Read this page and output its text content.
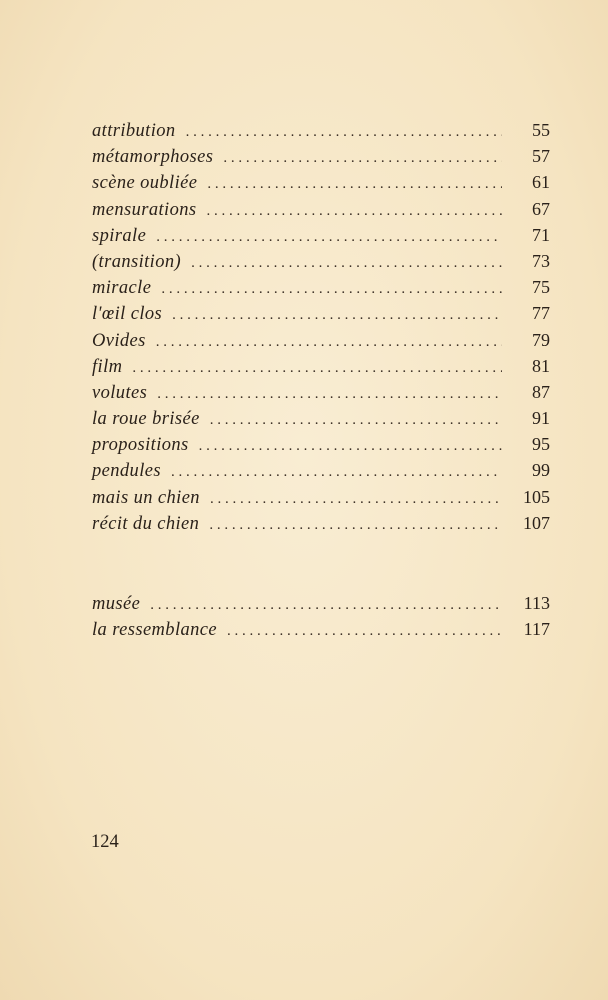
attribution . . .	55
métamorphoses . . .	57
scène oubliée . . .	61
mensurations . . .	67
spirale . . .	71
(transition) . . .	73
miracle . . .	75
l'œil clos . . .	77
Ovides . . .	79
film . . .	81
volutes . . .	87
la roue brisée . . .	91
propositions . . .	95
pendules . . .	99
mais un chien . . .	105
récit du chien . . .	107
musée . . .	113
la ressemblance . . .	117
124
